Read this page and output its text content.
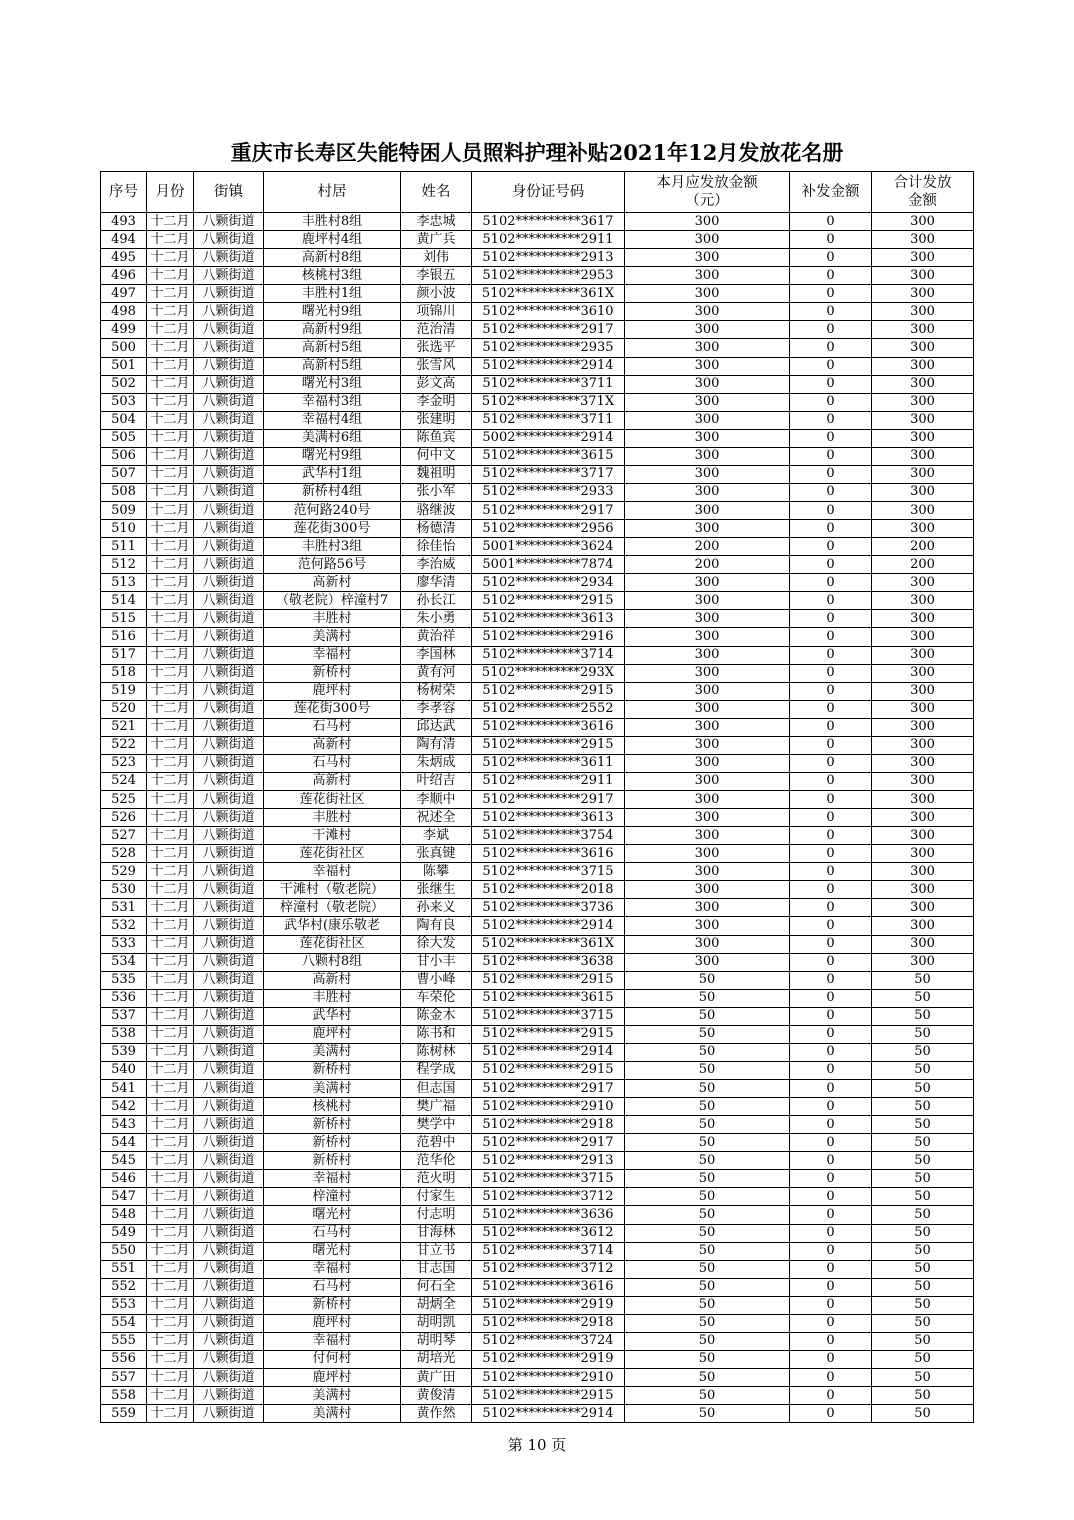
重庆市长寿区失能特困人员照料护理补贴2021年12月发放花名册
序号	月份	街镇	村居	姓名	身份证号码	本月应发放金额（元）	补发金额	合计发放金额

493	十二月	八颗街道	丰胜村8组	李忠城	5102**********3617	300	0	300
494	十二月	八颗街道	鹿坪村4组	黄广兵	5102**********2911	300	0	300
495	十二月	八颗街道	高新村8组	刘伟	5102**********2913	300	0	300
496	十二月	八颗街道	核桃村3组	李银五	5102**********2953	300	0	300
497	十二月	八颗街道	丰胜村1组	颜小波	5102**********361X	300	0	300
498	十二月	八颗街道	曙光村9组	项锦川	5102**********3610	300	0	300
499	十二月	八颗街道	高新村9组	范治清	5102**********2917	300	0	300
500	十二月	八颗街道	高新村5组	张选平	5102**********2935	300	0	300
501	十二月	八颗街道	高新村5组	张雪风	5102**********2914	300	0	300
502	十二月	八颗街道	曙光村3组	彭文高	5102**********3711	300	0	300
503	十二月	八颗街道	幸福村3组	李金明	5102**********371X	300	0	300
504	十二月	八颗街道	幸福村4组	张建明	5102**********3711	300	0	300
505	十二月	八颗街道	美满村6组	陈鱼宾	5002**********2914	300	0	300
506	十二月	八颗街道	曙光村9组	何中文	5102**********3615	300	0	300
507	十二月	八颗街道	武华村1组	魏祖明	5102**********3717	300	0	300
508	十二月	八颗街道	新桥村4组	张小军	5102**********2933	300	0	300
509	十二月	八颗街道	范何路240号	骆继波	5102**********2917	300	0	300
510	十二月	八颗街道	莲花街300号	杨德清	5102**********2956	300	0	300
511	十二月	八颗街道	丰胜村3组	徐佳怡	5001**********3624	200	0	200
512	十二月	八颗街道	范何路56号	李治威	5001**********7874	200	0	200
513	十二月	八颗街道	高新村	廖华清	5102**********2934	300	0	300
514	十二月	八颗街道	（敬老院）梓潼村7	孙长江	5102**********2915	300	0	300
515	十二月	八颗街道	丰胜村	朱小勇	5102**********3613	300	0	300
516	十二月	八颗街道	美满村	黄治祥	5102**********2916	300	0	300
517	十二月	八颗街道	幸福村	李国林	5102**********3714	300	0	300
518	十二月	八颗街道	新桥村	黄有河	5102**********293X	300	0	300
519	十二月	八颗街道	鹿坪村	杨树荣	5102**********2915	300	0	300
520	十二月	八颗街道	莲花街300号	李孝容	5102**********2552	300	0	300
521	十二月	八颗街道	石马村	邱达武	5102**********3616	300	0	300
522	十二月	八颗街道	高新村	陶有清	5102**********2915	300	0	300
523	十二月	八颗街道	石马村	朱炳成	5102**********3611	300	0	300
524	十二月	八颗街道	高新村	叶绍吉	5102**********2911	300	0	300
525	十二月	八颗街道	莲花街社区	李顺中	5102**********2917	300	0	300
526	十二月	八颗街道	丰胜村	祝述全	5102**********3613	300	0	300
527	十二月	八颗街道	干滩村	李斌	5102**********3754	300	0	300
528	十二月	八颗街道	莲花街社区	张真键	5102**********3616	300	0	300
529	十二月	八颗街道	幸福村	陈攀	5102**********3715	300	0	300
530	十二月	八颗街道	干滩村（敬老院）	张继生	5102**********2018	300	0	300
531	十二月	八颗街道	梓潼村（敬老院）	孙来义	5102**********3736	300	0	300
532	十二月	八颗街道	武华村(康乐敬老	陶有良	5102**********2914	300	0	300
533	十二月	八颗街道	莲花街社区	徐大发	5102**********361X	300	0	300
534	十二月	八颗街道	八颗村8组	甘小丰	5102**********3638	300	0	300
535	十二月	八颗街道	高新村	曹小峰	5102**********2915	50	0	50
536	十二月	八颗街道	丰胜村	车荣伦	5102**********3615	50	0	50
537	十二月	八颗街道	武华村	陈金木	5102**********3715	50	0	50
538	十二月	八颗街道	鹿坪村	陈书和	5102**********2915	50	0	50
539	十二月	八颗街道	美满村	陈树林	5102**********2914	50	0	50
540	十二月	八颗街道	新桥村	程学成	5102**********2915	50	0	50
541	十二月	八颗街道	美满村	但志国	5102**********2917	50	0	50
542	十二月	八颗街道	核桃村	樊广福	5102**********2910	50	0	50
543	十二月	八颗街道	新桥村	樊学中	5102**********2918	50	0	50
544	十二月	八颗街道	新桥村	范碧中	5102**********2917	50	0	50
545	十二月	八颗街道	新桥村	范华伦	5102**********2913	50	0	50
546	十二月	八颗街道	幸福村	范火明	5102**********3715	50	0	50
547	十二月	八颗街道	梓潼村	付家生	5102**********3712	50	0	50
548	十二月	八颗街道	曙光村	付志明	5102**********3636	50	0	50
549	十二月	八颗街道	石马村	甘海林	5102**********3612	50	0	50
550	十二月	八颗街道	曙光村	甘立书	5102**********3714	50	0	50
551	十二月	八颗街道	幸福村	甘志国	5102**********3712	50	0	50
552	十二月	八颗街道	石马村	何石全	5102**********3616	50	0	50
553	十二月	八颗街道	新桥村	胡炳全	5102**********2919	50	0	50
554	十二月	八颗街道	鹿坪村	胡明凯	5102**********2918	50	0	50
555	十二月	八颗街道	幸福村	胡明琴	5102**********3724	50	0	50
556	十二月	八颗街道	付何村	胡培光	5102**********2919	50	0	50
557	十二月	八颗街道	鹿坪村	黄广田	5102**********2910	50	0	50
558	十二月	八颗街道	美满村	黄俊清	5102**********2915	50	0	50
559	十二月	八颗街道	美满村	黄作然	5102**********2914	50	0	50
第 10 页
